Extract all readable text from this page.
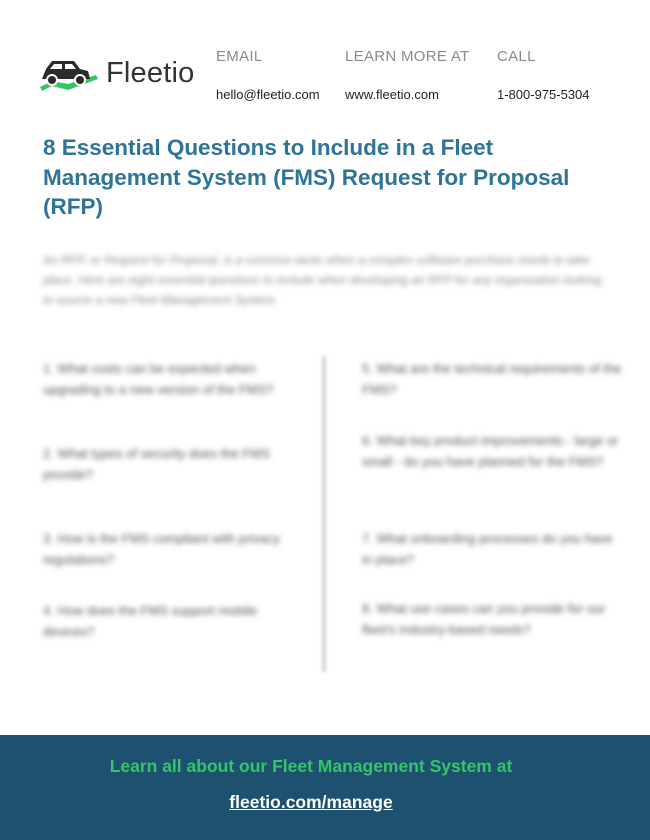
Fleetio EMAIL
hello@fleetio.com
LEARN MORE AT
www.fleetio.com
CALL
1-800-975-5304
8 Essential Questions to Include in a Fleet Management System (FMS) Request for Proposal (RFP)

An RFP, or Request for Proposal, is a common tactic when a complex software purchase needs to take place. Here are eight essential questions to include when developing an RFP for any organization looking to source a new Fleet Management System.

1. What costs can be expected when upgrading to a new version of the FMS?

2. What types of security does the FMS provide?

3. How is the FMS compliant with privacy regulations?

4. How does the FMS support mobile devices?

5. What are the technical requirements of the FMS?

6. What key product improvements - large or small - do you have planned for the FMS?

7. What onboarding processes do you have in place?

8. What use cases can you provide for our fleet's industry-based needs?

Learn all about our Fleet Management System at
fleetio.com/manage
